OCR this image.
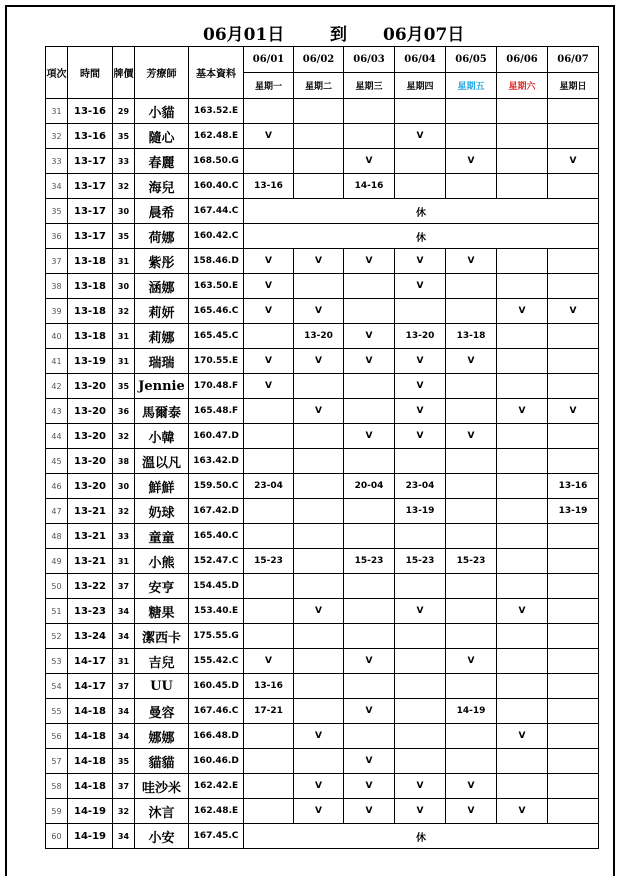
06月01日	到 06月07日
項次	時間	牌價	芳療師	基本資料	06/01	06/02	06/03	06/04	06/05	06/06	06/07
					星期一	星期二	星期三	星期四	星期五	星期六	星期日
31	13-16	29	小貓	163.52.E							
32	13-16	35	隨心	162.48.E	V			V			
33	13-17	33	春麗	168.50.G			V		V		V
34	13-17	32	海兒	160.40.C	13-16		14-16				
35	13-17	30	晨希	167.44.C	休						
36	13-17	35	荷娜	160.42.C	休						
37	13-18	31	紫彤	158.46.D	V	V	V	V	V		
38	13-18	30	涵娜	163.50.E	V			V			
39	13-18	32	莉妍	165.46.C	V	V				V	V
40	13-18	31	莉娜	165.45.C		13-20	V	13-20	13-18		
41	13-19	31	瑞瑞	170.55.E	V	V	V	V	V		
42	13-20	35	Jennie	170.48.F	V			V			
43	13-20	36	馬爾泰	165.48.F		V		V		V	V
44	13-20	32	小韓	160.47.D			V	V	V		
45	13-20	38	溫以凡	163.42.D							
46	13-20	30	鮮鮮	159.50.C	23-04		20-04	23-04			13-16
47	13-21	32	奶球	167.42.D				13-19			13-19
48	13-21	33	童童	165.40.C							
49	13-21	31	小熊	152.47.C	15-23		15-23	15-23	15-23		
50	13-22	37	安亨	154.45.D							
51	13-23	34	糖果	153.40.E		V		V		V	
52	13-24	34	潔西卡	175.55.G							
53	14-17	31	吉兒	155.42.C	V		V		V		
54	14-17	37	UU	160.45.D	13-16						
55	14-18	34	曼容	167.46.C	17-21		V		14-19		
56	14-18	34	娜娜	166.48.D		V				V	
57	14-18	35	貓貓	160.46.D			V				
58	14-18	37	哇沙米	162.42.E		V	V	V	V		
59	14-19	32	沐言	162.48.E		V	V	V	V	V	
60	14-19	34	小安	167.45.C	休						
